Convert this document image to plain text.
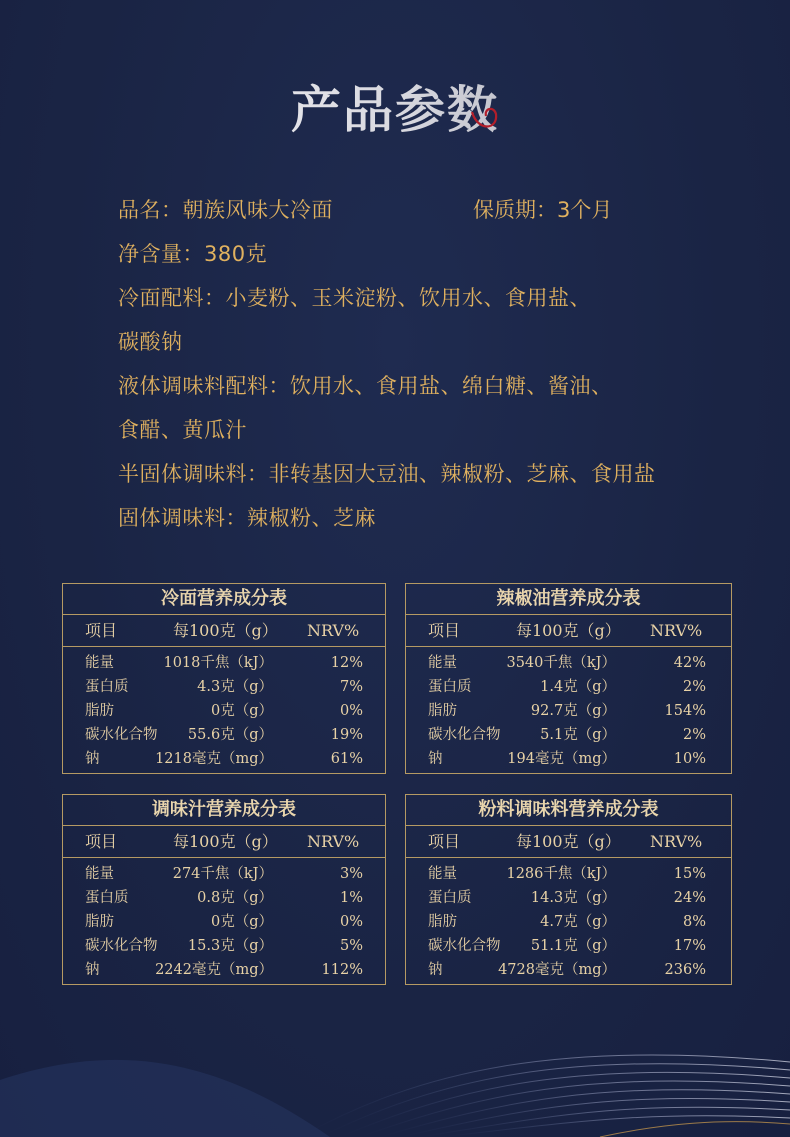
产品参数
品名：朝族风味大冷面	保质期：3个月
净含量：380克
冷面配料：小麦粉、玉米淀粉、饮用水、食用盐、
碳酸钠
液体调味料配料：饮用水、食用盐、绵白糖、酱油、
食醋、黄瓜汁
半固体调味料：非转基因大豆油、辣椒粉、芝麻、食用盐
固体调味料：辣椒粉、芝麻
冷面营养成分表
项目	每100克（g） NRV%
能量	1018千焦（kJ）	12%
蛋白质	4.3克（g）	7%
脂肪	0克（g）	0%
碳水化合物	55.6克（g）	19%
钠	1218毫克（mg）	61%
辣椒油营养成分表
项目	每100克（g） NRV%
能量	3540千焦（kJ）	42%
蛋白质	1.4克（g）	2%
脂肪	92.7克（g）	154%
碳水化合物	5.1克（g）	2%
钠	194毫克（mg）	10%
调味汁营养成分表
项目	每100克（g） NRV%
能量	274千焦（kJ）	3%
蛋白质	0.8克（g）	1%
脂肪	0克（g）	0%
碳水化合物	15.3克（g）	5%
钠	2242毫克（mg）	112%
粉料调味料营养成分表
项目	每100克（g） NRV%
能量	1286千焦（kJ）	15%
蛋白质	14.3克（g）	24%
脂肪	4.7克（g）	8%
碳水化合物	51.1克（g）	17%
钠	4728毫克（mg）	236%
